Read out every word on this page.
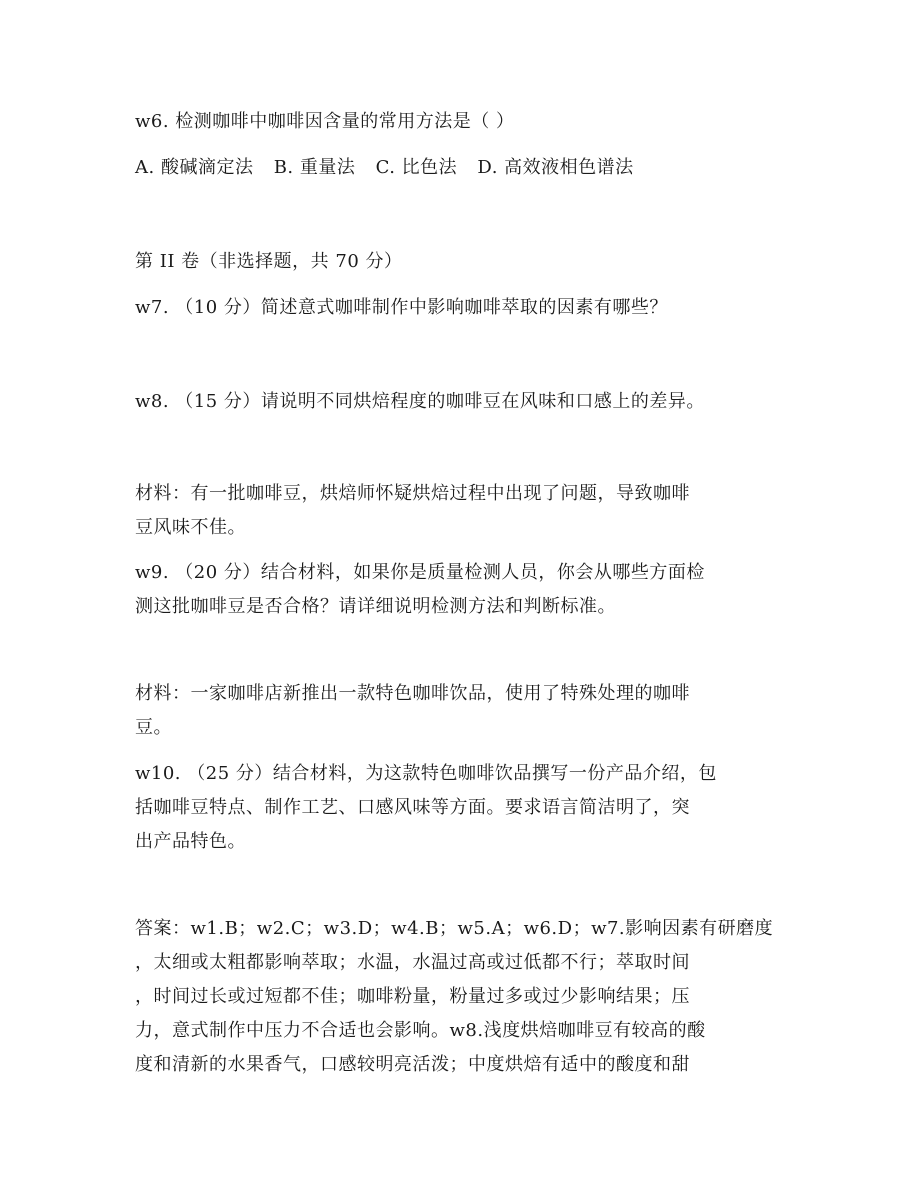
w6. 检测咖啡中咖啡因含量的常用方法是（ ）
A. 酸碱滴定法 B. 重量法 C. 比色法 D. 高效液相色谱法
第 II 卷（非选择题，共 70 分）
w7. （10 分）简述意式咖啡制作中影响咖啡萃取的因素有哪些？
w8. （15 分）请说明不同烘焙程度的咖啡豆在风味和口感上的差异。
材料：有一批咖啡豆，烘焙师怀疑烘焙过程中出现了问题，导致咖啡
豆风味不佳。
w9. （20 分）结合材料，如果你是质量检测人员，你会从哪些方面检
测这批咖啡豆是否合格？请详细说明检测方法和判断标准。
材料：一家咖啡店新推出一款特色咖啡饮品，使用了特殊处理的咖啡
豆。
w10. （25 分）结合材料，为这款特色咖啡饮品撰写一份产品介绍，包
括咖啡豆特点、制作工艺、口感风味等方面。要求语言简洁明了，突
出产品特色。
答案：w1.B；w2.C；w3.D；w4.B；w5.A；w6.D；w7.影响因素有研磨度
，太细或太粗都影响萃取；水温，水温过高或过低都不行；萃取时间
，时间过长或过短都不佳；咖啡粉量，粉量过多或过少影响结果；压
力，意式制作中压力不合适也会影响。w8.浅度烘焙咖啡豆有较高的酸
度和清新的水果香气，口感较明亮活泼；中度烘焙有适中的酸度和甜
